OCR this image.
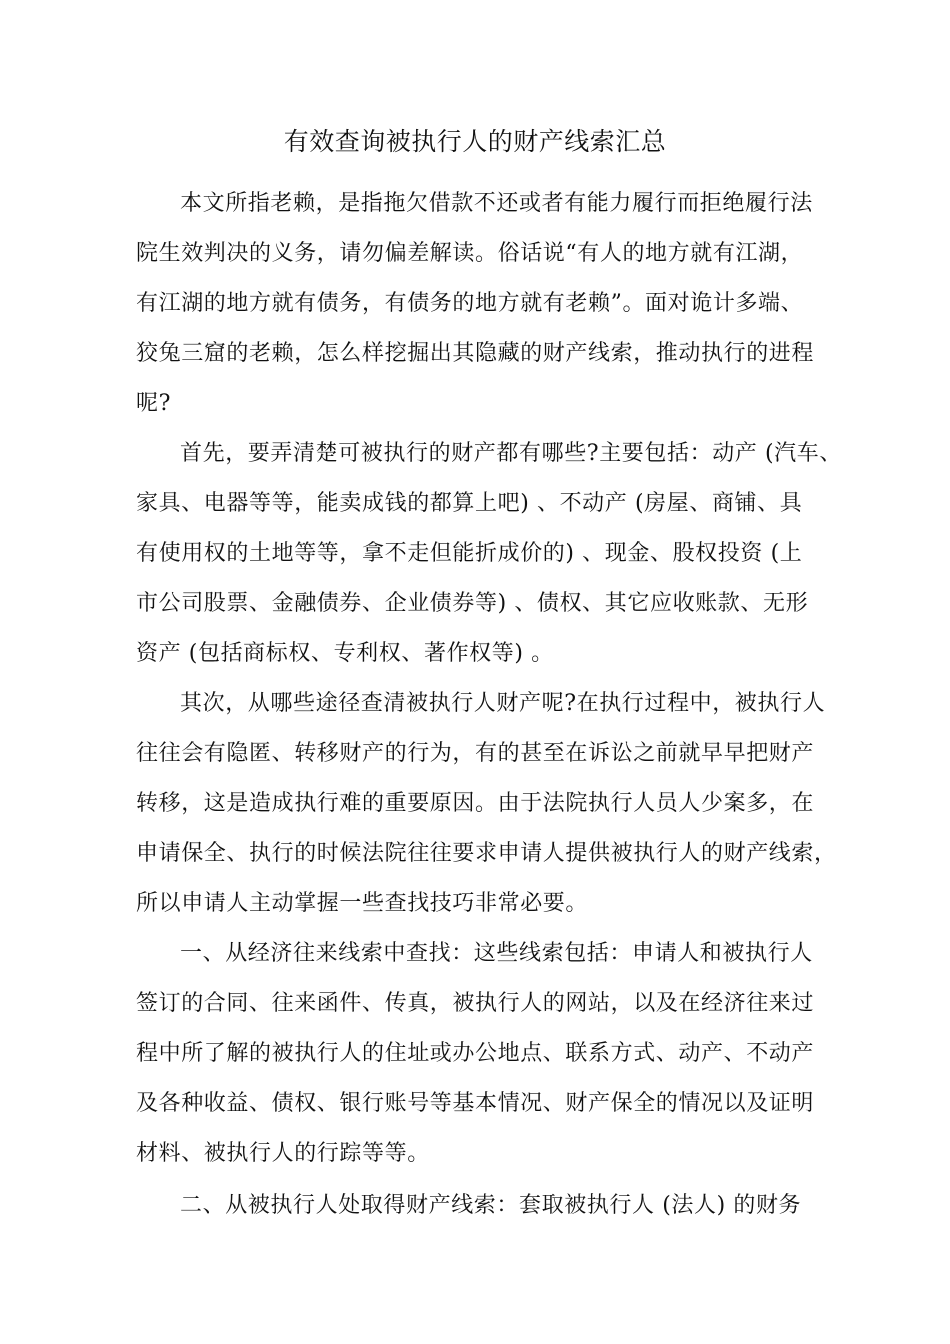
有效查询被执行人的财产线索汇总
本文所指老赖，是指拖欠借款不还或者有能力履行而拒绝履行法
院生效判决的义务，请勿偏差解读。俗话说“有人的地方就有江湖，
有江湖的地方就有债务，有债务的地方就有老赖”。面对诡计多端、
狡兔三窟的老赖，怎么样挖掘出其隐藏的财产线索，推动执行的进程
呢?
首先，要弄清楚可被执行的财产都有哪些?主要包括：动产 (汽车、
家具、电器等等，能卖成钱的都算上吧) 、不动产 (房屋、商铺、具
有使用权的土地等等，拿不走但能折成价的) 、现金、股权投资 (上
市公司股票、金融债券、企业债券等) 、债权、其它应收账款、无形
资产 (包括商标权、专利权、著作权等) 。
其次，从哪些途径查清被执行人财产呢?在执行过程中，被执行人
往往会有隐匿、转移财产的行为，有的甚至在诉讼之前就早早把财产
转移，这是造成执行难的重要原因。由于法院执行人员人少案多，在
申请保全、执行的时候法院往往要求申请人提供被执行人的财产线索，
所以申请人主动掌握一些查找技巧非常必要。
一、从经济往来线索中查找：这些线索包括：申请人和被执行人
签订的合同、往来函件、传真，被执行人的网站，以及在经济往来过
程中所了解的被执行人的住址或办公地点、联系方式、动产、不动产
及各种收益、债权、银行账号等基本情况、财产保全的情况以及证明
材料、被执行人的行踪等等。
二、从被执行人处取得财产线索：套取被执行人 (法人) 的财务
